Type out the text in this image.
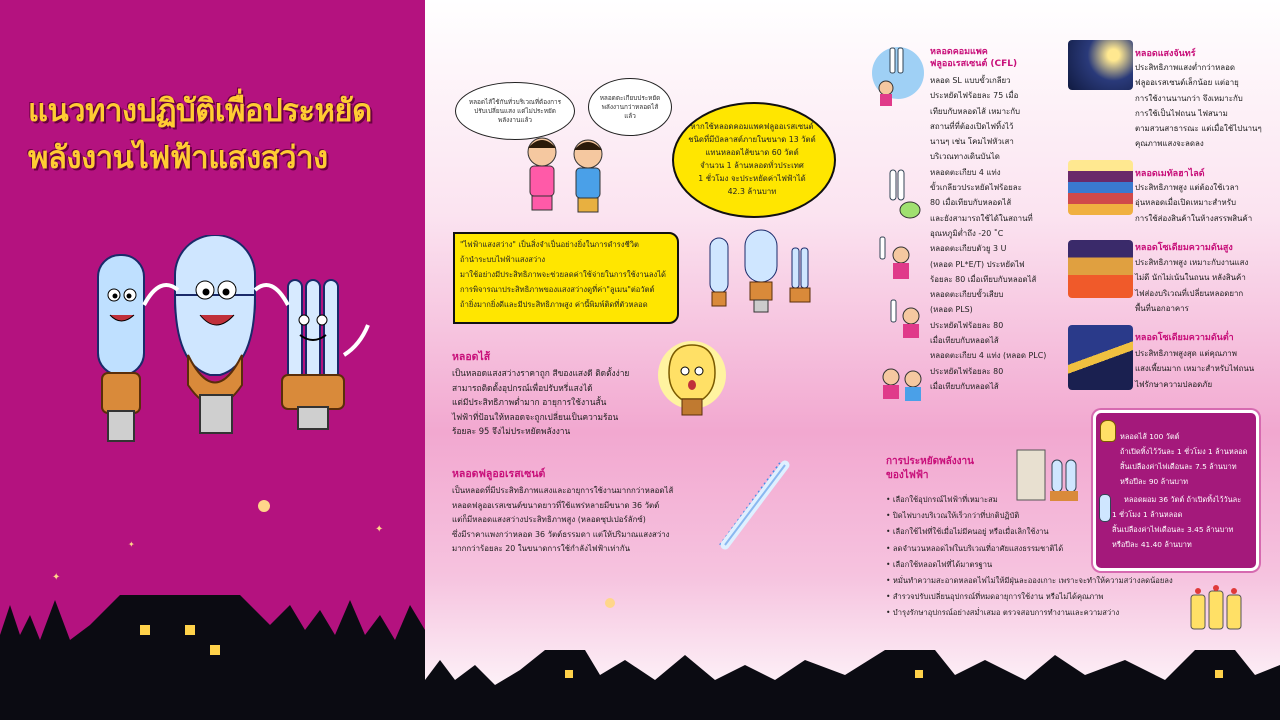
แนวทางปฏิบัติเพื่อประหยัด
พลังงานไฟฟ้าแสงสว่าง
✦
✦
✦
หลอดไส้ใช้กันทั่วบริเวณที่ต้องการปรับเปลี่ยนแสง แต่ไม่ประหยัดพลังงานแล้ว
หลอดตะเกียบประหยัดพลังงานกว่าหลอดไส้แล้ว
หากใช้หลอดคอมแพคฟลูออเรสเซนต์
ชนิดที่มีบัลลาสต์ภายในขนาด 13 วัตต์
แทนหลอดไส้ขนาด 60 วัตต์
จำนวน 1 ล้านหลอดทั่วประเทศ
1 ชั่วโมง จะประหยัดค่าไฟฟ้าได้
42.3 ล้านบาท
"ไฟฟ้าแสงสว่าง" เป็นสิ่งจำเป็นอย่างยิ่งในการดำรงชีวิต
ถ้านำระบบไฟฟ้าแสงสว่าง
มาใช้อย่างมีประสิทธิภาพจะช่วยลดค่าใช้จ่ายในการใช้งานลงได้
การพิจารณาประสิทธิภาพของแสงสว่างดูที่ค่า"ลูเมน"ต่อวัตต์
ถ้ายิ่งมากยิ่งดีและมีประสิทธิภาพสูง ค่านี้พิมพ์ติดที่ตัวหลอด
หลอดไส้
เป็นหลอดแสงสว่างราคาถูก สีของแสงดี ติดตั้งง่าย
สามารถติดตั้งอุปกรณ์เพื่อปรับหรี่แสงได้
แต่มีประสิทธิภาพต่ำมาก อายุการใช้งานสั้น
ไฟฟ้าที่ป้อนให้หลอดจะถูกเปลี่ยนเป็นความร้อน
ร้อยละ 95 จึงไม่ประหยัดพลังงาน
หลอดฟลูออเรสเซนต์
เป็นหลอดที่มีประสิทธิภาพแสงและอายุการใช้งานมากกว่าหลอดไส้
หลอดฟลูออเรสเซนต์ขนาดยาวที่ใช้แพร่หลายมีขนาด 36 วัตต์
แต่ก็มีหลอดแสงสว่างประสิทธิภาพสูง (หลอดซุปเปอร์ลักซ์)
ซึ่งมีราคาแพงกว่าหลอด 36 วัตต์ธรรมดา แต่ให้ปริมาณแสงสว่าง
มากกว่าร้อยละ 20 ในขนาดการใช้กำลังไฟฟ้าเท่ากัน
หลอดคอมแพค
ฟลูออเรสเซนต์ (CFL)
หลอด SL แบบขั้วเกลียว
ประหยัดไฟร้อยละ 75 เมื่อ
เทียบกับหลอดไส้ เหมาะกับ
สถานที่ที่ต้องเปิดไฟทิ้งไว้
นานๆ เช่น โคมไฟหัวเสา
บริเวณทางเดินบันได
หลอดตะเกียบ 4 แท่ง
ขั้วเกลียวประหยัดไฟร้อยละ
80 เมื่อเทียบกับหลอดไส้
และยังสามารถใช้ได้ในสถานที่
อุณหภูมิต่ำถึง -20 ˚C
หลอดตะเกียบตัวยู 3 U
(หลอด PL*E/T) ประหยัดไฟ
ร้อยละ 80 เมื่อเทียบกับหลอดไส้
หลอดตะเกียบขั้วเสียบ
(หลอด PLS)
ประหยัดไฟร้อยละ 80
เมื่อเทียบกับหลอดไส้
หลอดตะเกียบ 4 แท่ง (หลอด PLC)
ประหยัดไฟร้อยละ 80
เมื่อเทียบกับหลอดไส้
หลอดแสงจันทร์
ประสิทธิภาพแสงต่ำกว่าหลอด
ฟลูออเรสเซนต์เล็กน้อย แต่อายุ
การใช้งานนานกว่า จึงเหมาะกับ
การใช้เป็นไฟถนน ไฟสนาม
ตามสวนสาธารณะ แต่เมื่อใช้ไปนานๆ
คุณภาพแสงจะลดลง
หลอดเมทัลฮาไลด์
ประสิทธิภาพสูง แต่ต้องใช้เวลา
อุ่นหลอดเมื่อเปิดเหมาะสำหรับ
การใช้ส่องสินค้าในห้างสรรพสินค้า
หลอดโซเดียมความดันสูง
ประสิทธิภาพสูง เหมาะกับงานแสง
ไม่ดี นักไม่เน้นในถนน หลังสินค้า
ไฟส่องบริเวณที่เปลี่ยนหลอดยาก
พื้นที่นอกอาคาร
หลอดโซเดียมความดันต่ำ
ประสิทธิภาพสูงสุด แต่คุณภาพ
แสงเพี้ยนมาก เหมาะสำหรับไฟถนน
ไฟรักษาความปลอดภัย
การประหยัดพลังงาน
ของไฟฟ้า
• เลือกใช้อุปกรณ์ไฟฟ้าที่เหมาะสม
• ปิดไฟบางบริเวณให้เร็วกว่าที่ปกติปฏิบัติ
• เลือกใช้ไฟที่ใช้เมื่อไม่มีคนอยู่ หรือเมื่อเลิกใช้งาน
• ลดจำนวนหลอดไฟในบริเวณที่อาศัยแสงธรรมชาติได้
• เลือกใช้หลอดไฟที่ได้มาตรฐาน
• หมั่นทำความสะอาดหลอดไฟไม่ให้มีฝุ่นละอองเกาะ เพราะจะทำให้ความสว่างลดน้อยลง
• สำรวจปรับเปลี่ยนอุปกรณ์ที่หมดอายุการใช้งาน หรือไม่ได้คุณภาพ
• บำรุงรักษาอุปกรณ์อย่างสม่ำเสมอ ตรวจสอบการทำงานและความสว่าง
หลอดไส้ 100 วัตต์
ถ้าเปิดทิ้งไว้วันละ 1 ชั่วโมง 1 ล้านหลอด
สิ้นเปลืองค่าไฟเดือนละ 7.5 ล้านบาท
หรือปีละ 90 ล้านบาท
หลอดผอม 36 วัตต์ ถ้าเปิดทิ้งไว้วันละ
1 ชั่วโมง 1 ล้านหลอด
สิ้นเปลืองค่าไฟเดือนละ 3.45 ล้านบาท
หรือปีละ 41.40 ล้านบาท
